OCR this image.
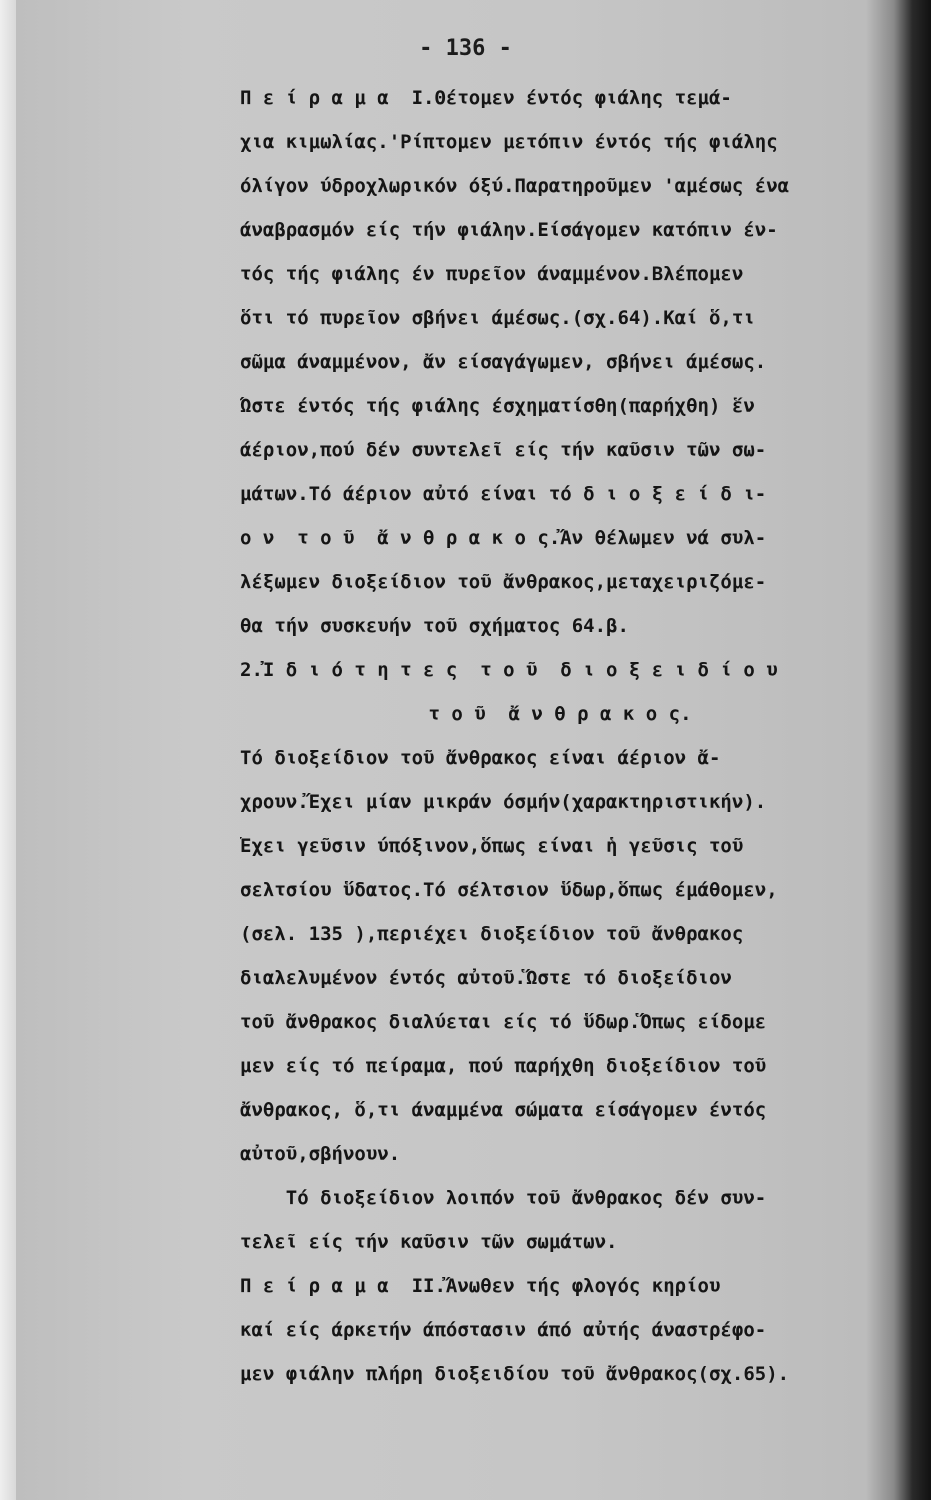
- 136 -
Π ε ί ρ α μ α  Ι.Θέτομεν έντός φιάλης τεμά-
χια κιμωλίας.'Ρίπτομεν μετόπιν έντός τής φιάλης
όλίγον ύδροχλωρικόν όξύ.Παρατηροῦμεν 'αμέσως ένα
άναβρασμόν είς τήν φιάλην.Είσάγομεν κατόπιν έν-
τός τής φιάλης έν πυρεῖον άναμμένον.Βλέπομεν
ὅτι τό πυρεῖον σβήνει άμέσως.(σχ.64).Καί ὅ,τι
σῶμα άναμμένον, ἄν είσαγάγωμεν, σβήνει άμέσως.
Ὥστε έντός τής φιάλης έσχηματίσθη(παρήχθη) ἕν
άέριον,πού δέν συντελεῖ είς τήν καῦσιν τῶν σω-
μάτων.Τό άέριον αὐτό είναι τό δ ι ο ξ ε ί δ ι-
ο ν  τ ο ῦ  ἄ ν θ ρ α κ ο ς.Ἄν θέλωμεν νά συλ-
λέξωμεν διοξείδιον τοῦ ἄνθρακος,μεταχειριζόμε-
θα τήν συσκευήν τοῦ σχήματος 64.β.
2.Ἰ δ ι ό τ η τ ε ς  τ ο ῦ  δ ι ο ξ ε ι δ ί ο υ
τ ο ῦ  ἄ ν θ ρ α κ ο ς.
Τό διοξείδιον τοῦ ἄνθρακος είναι άέριον ἄ-
χρουν.Ἔχει μίαν μικράν όσμήν(χαρακτηριστικήν).
Ἔχει γεῦσιν ύπόξινον,ὅπως είναι ἡ γεῦσις τοῦ
σελτσίου ὕδατος.Τό σέλτσιον ὕδωρ,ὅπως έμάθομεν,
(σελ. 135 ),περιέχει διοξείδιον τοῦ ἄνθρακος
διαλελυμένον έντός αὐτοῦ.Ὥστε τό διοξείδιον
τοῦ ἄνθρακος διαλύεται είς τό ὕδωρ.Ὅπως είδομε
μεν είς τό πείραμα, πού παρήχθη διοξείδιον τοῦ
ἄνθρακος, ὅ,τι άναμμένα σώματα είσάγομεν έντός
αὐτοῦ,σβήνουν.
Τό διοξείδιον λοιπόν τοῦ ἄνθρακος δέν συν-
τελεῖ είς τήν καῦσιν τῶν σωμάτων.
Π ε ί ρ α μ α  ΙΙ.Ἄνωθεν τής φλογός κηρίου
καί είς άρκετήν άπόστασιν άπό αὐτής άναστρέφο-
μεν φιάλην πλήρη διοξειδίου τοῦ ἄνθρακος(σχ.65).
